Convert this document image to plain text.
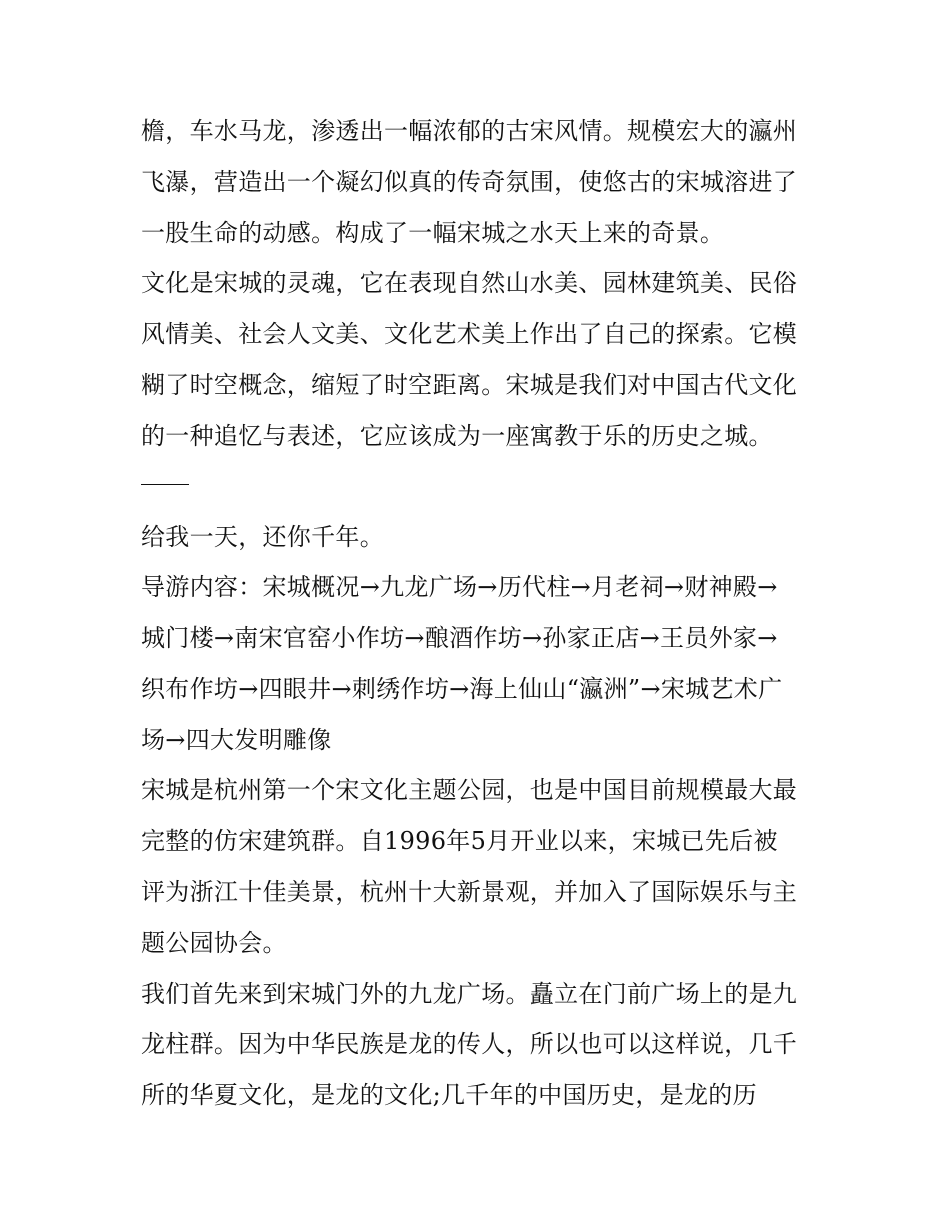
檐，车水马龙，渗透出一幅浓郁的古宋风情。规模宏大的瀛州
飞瀑，营造出一个凝幻似真的传奇氛围，使悠古的宋城溶进了
一股生命的动感。构成了一幅宋城之水天上来的奇景。
文化是宋城的灵魂，它在表现自然山水美、园林建筑美、民俗
风情美、社会人文美、文化艺术美上作出了自己的探索。它模
糊了时空概念，缩短了时空距离。宋城是我们对中国古代文化
的一种追忆与表述，它应该成为一座寓教于乐的历史之城。
给我一天，还你千年。
导游内容：宋城概况→九龙广场→历代柱→月老祠→财神殿→
城门楼→南宋官窑小作坊→酿酒作坊→孙家正店→王员外家→
织布作坊→四眼井→刺绣作坊→海上仙山“瀛洲”→宋城艺术广
场→四大发明雕像
宋城是杭州第一个宋文化主题公园，也是中国目前规模最大最
完整的仿宋建筑群。自1996年5月开业以来，宋城已先后被
评为浙江十佳美景，杭州十大新景观，并加入了国际娱乐与主
题公园协会。
我们首先来到宋城门外的九龙广场。矗立在门前广场上的是九
龙柱群。因为中华民族是龙的传人，所以也可以这样说，几千
所的华夏文化，是龙的文化;几千年的中国历史，是龙的历
